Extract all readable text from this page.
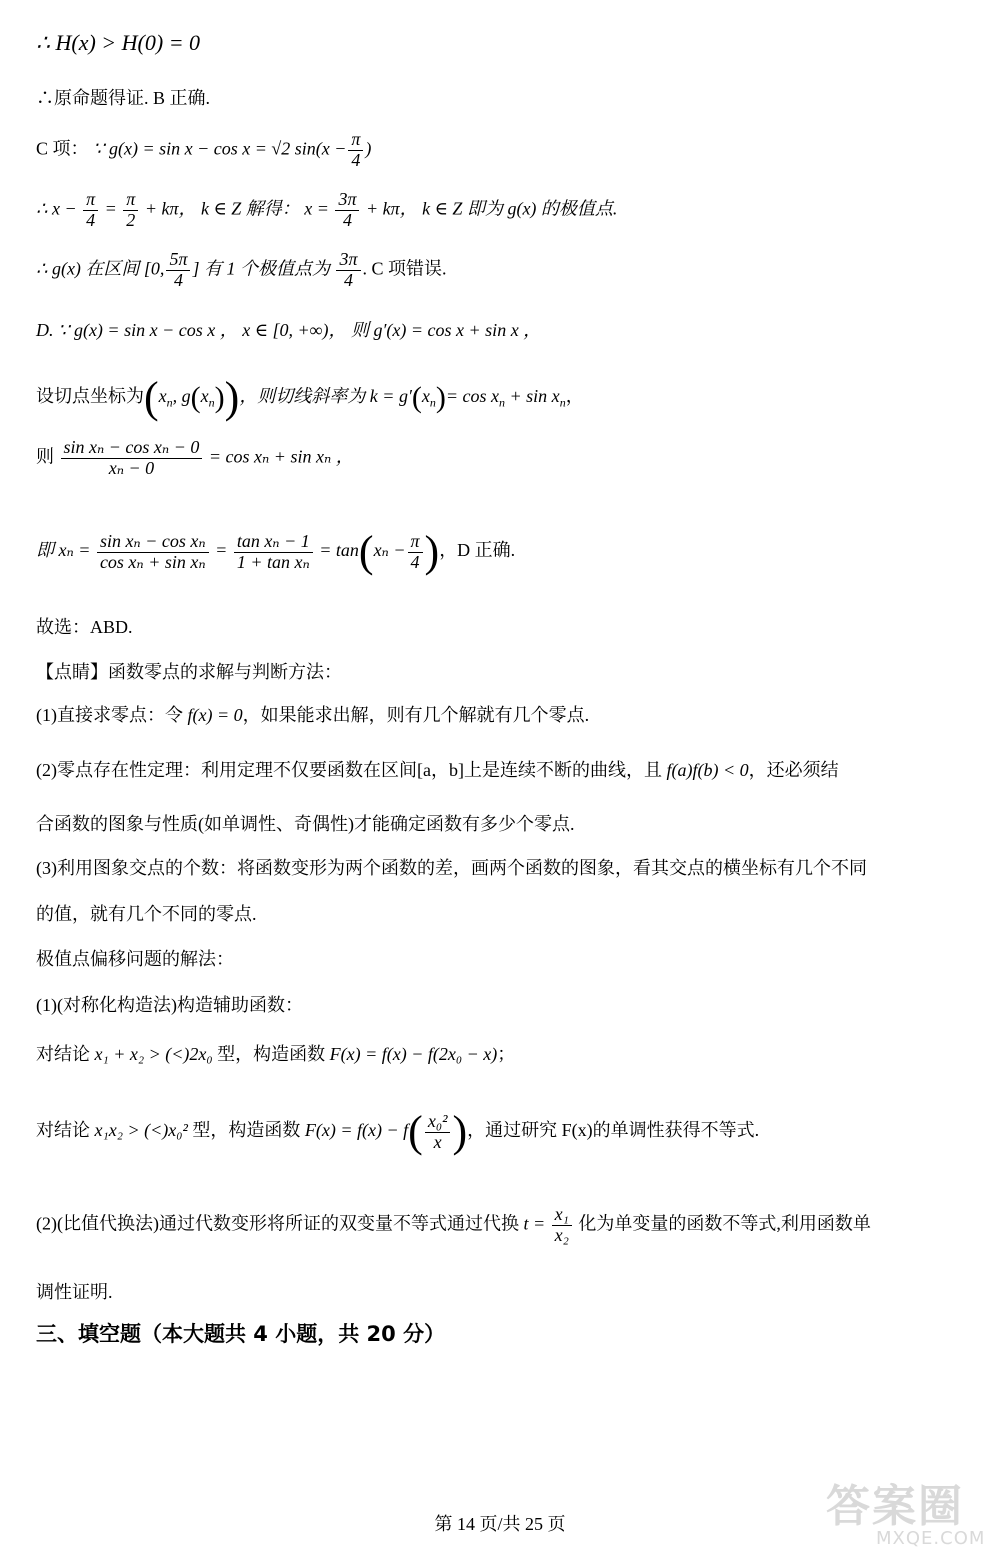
∴ H(x) > H(0) = 0
∴原命题得证. B 正确.
C 项： ∵ g(x) = sin x − cos x = √2 $\sin(x - \frac{\pi}{4}$ )
∴ $x - \frac{\pi}{4} = \frac{\pi}{2} + k\pi$， k ∈ Z 解得： $x = \frac{3\pi}{4} + k\pi$， k ∈ Z 即为 g(x) 的极值点.
∴ g(x) 在区间 [0, $\frac{5\pi}{4}$ ] 有 1 个极值点为 $\frac{3\pi}{4}$ . C 项错误.
D. ∵ g(x) = sin x − cos x ， x ∈ [0, +∞)， 则 g′(x) = cos x + sin x ，
设切点坐标为($x_n$, $g(x_n)$)，则切线斜率为 $k = g'(x_n)= \cos x_n + \sin x_n$，
则 $\frac{\text{sin xₙ − cos xₙ − 0}}{\text{xₙ − 0}} = \cos x_n + \sin x_n$ ，
即 $x_n = \frac{\text{sin xₙ − cos xₙ}}{\text{cos xₙ + sin xₙ}} = \frac{\text{tan xₙ − 1}}{\text{1 + tan xₙ}} = \tan(x_n - \frac{\pi}{4}$ )，D 正确.
故选：ABD.
【点睛】函数零点的求解与判断方法：
(1)直接求零点：令 f(x) = 0，如果能求出解，则有几个解就有几个零点.
(2)零点存在性定理：利用定理不仅要函数在区间[a，b]上是连续不断的曲线，且 f(a)f(b) < 0，还必须结
合函数的图象与性质(如单调性、奇偶性)才能确定函数有多少个零点.
(3)利用图象交点的个数：将函数变形为两个函数的差，画两个函数的图象，看其交点的横坐标有几个不同
的值，就有几个不同的零点.
极值点偏移问题的解法：
(1)(对称化构造法)构造辅助函数：
对结论 x₁ + x₂ > (<)2x₀ 型，构造函数 F(x) = f(x) − f(2x₀ − x)；
对结论 x₁x₂ > (<)x₀² 型，构造函数 $F(x) = f(x) - f( \frac{\text{x₀²}}{x}$ )，通过研究 F(x)的单调性获得不等式.
(2)(比值代换法)通过代数变形将所证的双变量不等式通过代换 $t = \frac{\text{x₁}}{\text{x₂}}$ 化为单变量的函数不等式,利用函数单
调性证明.
三、填空题（本大题共 4 小题，共 20 分）
答案圈
MXQE.COM
第 14 页/共 25 页
